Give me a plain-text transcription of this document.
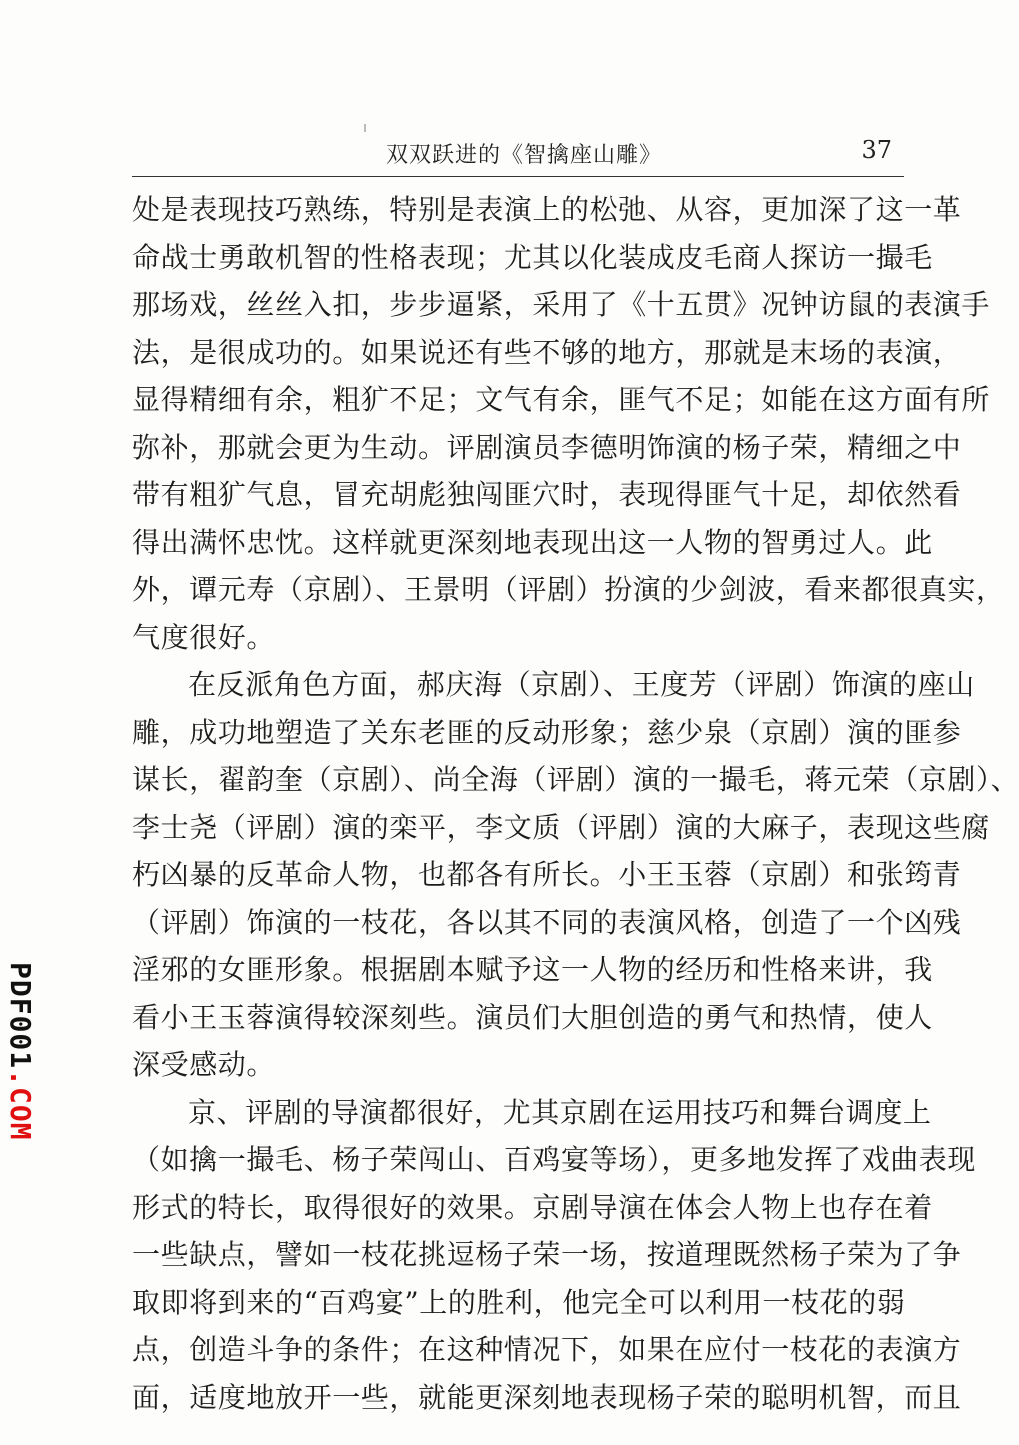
双双跃进的《智擒座山雕》	37
处是表现技巧熟练，特别是表演上的松弛、从容，更加深了这一革
命战士勇敢机智的性格表现；尤其以化装成皮毛商人探访一撮毛
那场戏，丝丝入扣，步步逼紧，采用了《十五贯》况钟访鼠的表演手
法，是很成功的。如果说还有些不够的地方，那就是末场的表演，
显得精细有余，粗犷不足；文气有余，匪气不足；如能在这方面有所
弥补，那就会更为生动。评剧演员李德明饰演的杨子荣，精细之中
带有粗犷气息，冒充胡彪独闯匪穴时，表现得匪气十足，却依然看
得出满怀忠忱。这样就更深刻地表现出这一人物的智勇过人。此
外，谭元寿（京剧）、王景明（评剧）扮演的少剑波，看来都很真实，
气度很好。
在反派角色方面，郝庆海（京剧）、王度芳（评剧）饰演的座山
雕，成功地塑造了关东老匪的反动形象；慈少泉（京剧）演的匪参
谋长，翟韵奎（京剧）、尚全海（评剧）演的一撮毛，蒋元荣（京剧）、
李士尧（评剧）演的栾平，李文质（评剧）演的大麻子，表现这些腐
朽凶暴的反革命人物，也都各有所长。小王玉蓉（京剧）和张筠青
（评剧）饰演的一枝花，各以其不同的表演风格，创造了一个凶残
淫邪的女匪形象。根据剧本赋予这一人物的经历和性格来讲，我
看小王玉蓉演得较深刻些。演员们大胆创造的勇气和热情，使人
深受感动。
京、评剧的导演都很好，尤其京剧在运用技巧和舞台调度上
（如擒一撮毛、杨子荣闯山、百鸡宴等场），更多地发挥了戏曲表现
形式的特长，取得很好的效果。京剧导演在体会人物上也存在着
一些缺点，譬如一枝花挑逗杨子荣一场，按道理既然杨子荣为了争
取即将到来的“百鸡宴”上的胜利，他完全可以利用一枝花的弱
点，创造斗争的条件；在这种情况下，如果在应付一枝花的表演方
面，适度地放开一些，就能更深刻地表现杨子荣的聪明机智，而且
PDF001.COM
